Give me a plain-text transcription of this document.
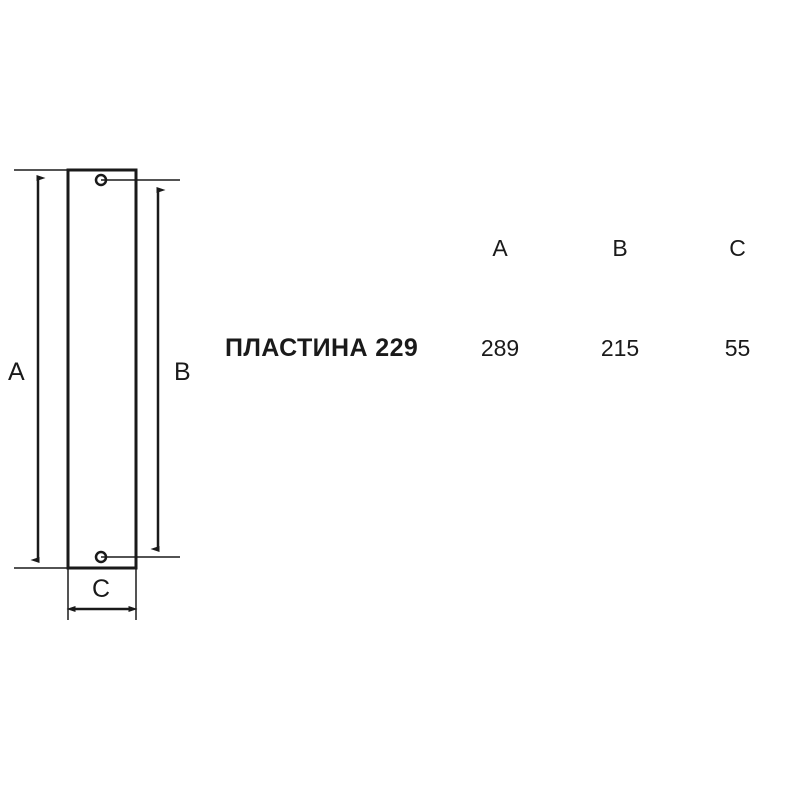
A	B
C
	A	B	C
ПЛАСТИНА 229	289	215	55
